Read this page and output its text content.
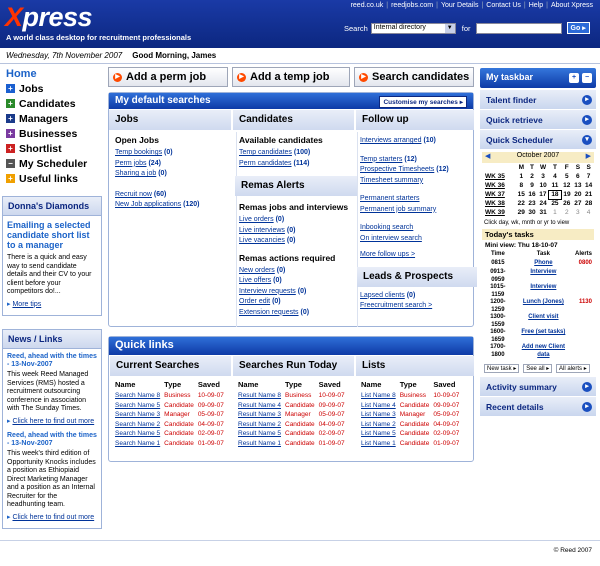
Xpress
A world class desktop for recruitment professionals
reed.co.uk | reedjobs.com | Your Details | Contact Us | Help | About Xpress
Search Internal directory	▼ for	Go ▸
Wednesday, 7th November 2007 Good Morning, James
Home
+ Jobs
+ Candidates
+ Managers
+ Businesses
+ Shortlist
− My Scheduler
+ Useful links
Donna's Diamonds
Emailing a selected candidate short list to a manager
There is a quick and easy way to send candidate details and their CV to your client before your competitors do!...
▸ More tips
News / Links
Reed, ahead with the times - 13-Nov-2007
This week Reed Managed Services (RMS) hosted a recruitment outsourcing conference in association with The Sunday Times.
▸ Click here to find out more
Reed, ahead with the times - 13-Nov-2007
This week's third edition of Opportunity Knocks includes a position as Ethiopiaid Direct Marketing Manager and a position as an Internal Recruiter for the headhunting team.
▸ Click here to find out more
▶ Add a perm job	▶ Add a temp job	▶ Search candidates
My default searches	Customise my searches ▸
Jobs	Candidates	Follow up
Open Jobs
Temp bookings (0)
Perm jobs (24)
Sharing a job (0)
Recruit now (60)
New Job applications (120)
Available candidates
Temp candidates (100)
Perm candidates (114)
Remas Alerts
Remas jobs and interviews
Live orders (0)
Live interviews (0)
Live vacancies (0)
Remas actions required
New orders (0)
Live offers (0)
Interview requests (0)
Order edit (0)
Extension requests (0)
Interviews arranged (10)
Temp starters (12)
Prospective Timesheets (12)
Timesheet summary
Permanent starters
Permanent job summary
Inbooking search
On interview search
More follow ups >
Leads & Prospects
Lapsed clients (0)
Freecruitment search >
Quick links
Current Searches
Name	Type	Saved
Search Name 8	Business	10-09-07
Search Name 5	Candidate	09-09-07
Search Name 3	Manager	05-09-07
Search Name 2	Candidate	04-09-07
Search Name 5	Candidate	02-09-07
Search Name 1	Candidate	01-09-07
Searches Run Today
Name	Type	Saved
Result Name 8	Business	10-09-07
Result Name 4	Candidate	09-09-07
Result Name 3	Manager	05-09-07
Result Name 2	Candidate	04-09-07
Result Name 5	Candidate	02-09-07
Result Name 1	Candidate	01-09-07
Lists
Name	Type	Saved
List Name 8	Business	10-09-07
List Name 4	Candidate	09-09-07
List Name 3	Manager	05-09-07
List Name 2	Candidate	04-09-07
List Name 5	Candidate	02-09-07
List Name 1	Candidate	01-09-07
My taskbar	+	−
Talent finder	▸
Quick retrieve	▸
Quick Scheduler	▾
◀	October 2007	▶
	M	T	W	T	F	S	S
WK 35	1	2	3	4	5	6	7
WK 36	8	9	10	11	12	13	14
WK 37	15	16	17	18	19	20	21
WK 38	22	23	24	25	26	27	28
WK 39	29	30	31	1	2	3	4
Click day, wk, mnth or yr to view
Today's tasks
Mini view: Thu 18-10-07
Time	Task	Alerts
0815	Phone	0800
0913-0959	Interview	
1015-1159	Interview	
1200-1259	Lunch (Jones)	1130
1300-1559	Client visit	
1600-1659	Free (set tasks)	
1700-1800	Add new Client data	
New task ▸ See all ▸ All alerts ▸
Activity summary	▸
Recent details	▸
© Reed 2007
